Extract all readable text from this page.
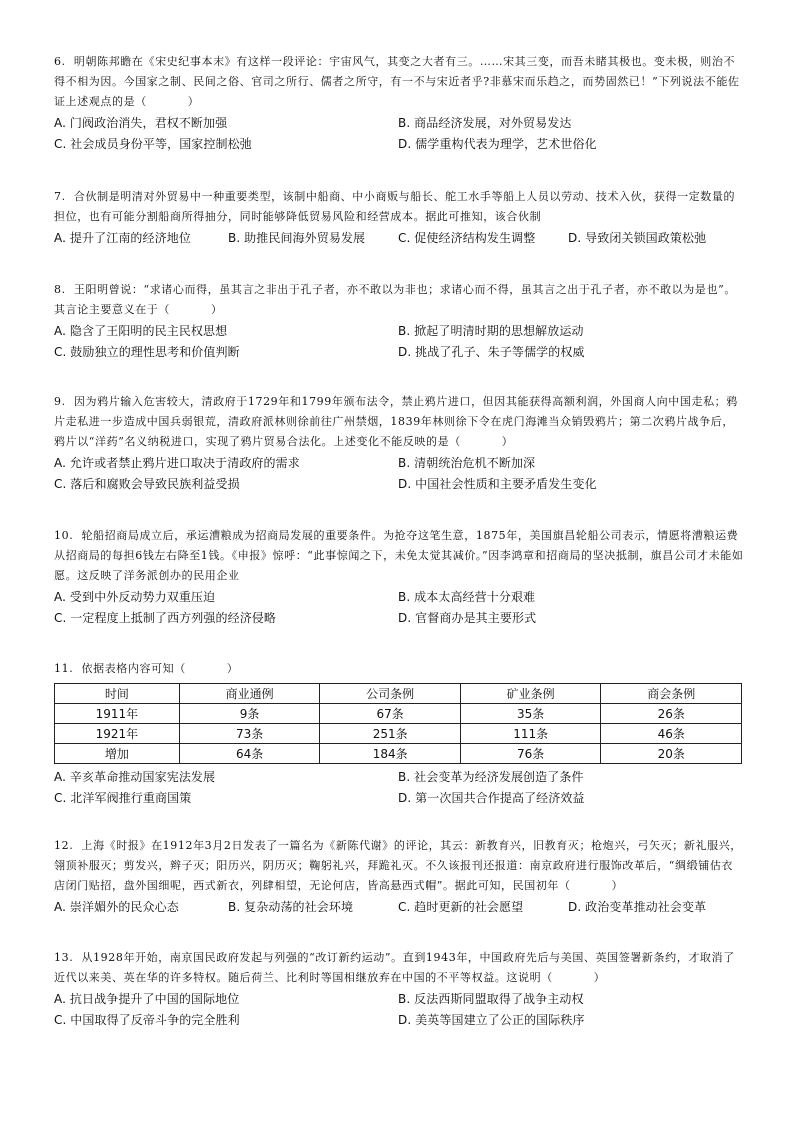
6.  明朝陈邦瞻在《宋史纪事本末》有这样一段评论：宇宙风气，其变之大者有三。……宋其三变，而吾未睹其极也。变未极，则治不得不相为因。今国家之制、民间之俗、官司之所行、儒者之所守，有一不与宋近者乎?非慕宋而乐趋之，而势固然已！”下列说法不能佐证上述观点的是（          ）
A. 门阀政治消失，君权不断加强	B. 商品经济发展，对外贸易发达
C. 社会成员身份平等，国家控制松弛	D. 儒学重构代表为理学，艺术世俗化
7.  合伙制是明清对外贸易中一种重要类型，该制中船商、中小商贩与船长、舵工水手等船上人员以劳动、技术入伙，获得一定数量的担位，也有可能分割船商所得抽分，同时能够降低贸易风险和经营成本。据此可推知，该合伙制
A. 提升了江南的经济地位	B. 助推民间海外贸易发展	C. 促使经济结构发生调整	D. 导致闭关锁国政策松弛
8.  王阳明曾说：“求诸心而得，虽其言之非出于孔子者，亦不敢以为非也；求诸心而不得，虽其言之出于孔子者，亦不敢以为是也”。其言论主要意义在于（          ）
A. 隐含了王阳明的民主民权思想	B. 掀起了明清时期的思想解放运动
C. 鼓励独立的理性思考和价值判断	D. 挑战了孔子、朱子等儒学的权威
9.  因为鸦片输入危害较大，清政府于1729年和1799年颁布法令，禁止鸦片进口，但因其能获得高额利润，外国商人向中国走私；鸦片走私进一步造成中国兵弱银荒，清政府派林则徐前往广州禁烟，1839年林则徐下令在虎门海滩当众销毁鸦片；第二次鸦片战争后，鸦片以“洋药”名义纳税进口，实现了鸦片贸易合法化。上述变化不能反映的是（          ）
A. 允许或者禁止鸦片进口取决于清政府的需求	B. 清朝统治危机不断加深
C. 落后和腐败会导致民族利益受损	D. 中国社会性质和主要矛盾发生变化
10.  轮船招商局成立后，承运漕粮成为招商局发展的重要条件。为抢夺这笔生意，1875年，美国旗昌轮船公司表示，情愿将漕粮运费从招商局的每担6钱左右降至1钱。《申报》惊呼：“此事惊闻之下，未免太觉其减价。”因李鸿章和招商局的坚决抵制，旗昌公司才未能如愿。这反映了洋务派创办的民用企业
A. 受到中外反动势力双重压迫	B. 成本太高经营十分艰难
C. 一定程度上抵制了西方列强的经济侵略	D. 官督商办是其主要形式
11.  依据表格内容可知（          ）
时间	商业通例	公司条例	矿业条例	商会条例
1911年	9条	67条	35条	26条
1921年	73条	251条	111条	46条
增加	64条	184条	76条	20条
A. 辛亥革命推动国家宪法发展	B. 社会变革为经济发展创造了条件
C. 北洋军阀推行重商国策	D. 第一次国共合作提高了经济效益
12.  上海《时报》在1912年3月2日发表了一篇名为《新陈代谢》的评论，其云：新教育兴，旧教育灭；枪炮兴，弓矢灭；新礼服兴，翎顶补服灭；剪发兴，辫子灭；阳历兴，阴历灭；鞠躬礼兴，拜跪礼灭。不久该报刊还报道：南京政府进行服饰改革后，“绸缎铺估衣店闭门贴招，盘外国细呢，西式新衣，列肆相望，无论何店，皆高悬西式帽”。据此可知，民国初年（          ）
A. 崇洋媚外的民众心态	B. 复杂动荡的社会环境	C. 趋时更新的社会愿望	D. 政治变革推动社会变革
13.  从1928年开始，南京国民政府发起与列强的“改订新约运动”。直到1943年，中国政府先后与美国、英国签署新条约，才取消了近代以来美、英在华的许多特权。随后荷兰、比利时等国相继放弃在中国的不平等权益。这说明（          ）
A. 抗日战争提升了中国的国际地位	B. 反法西斯同盟取得了战争主动权
C. 中国取得了反帝斗争的完全胜利	D. 美英等国建立了公正的国际秩序
